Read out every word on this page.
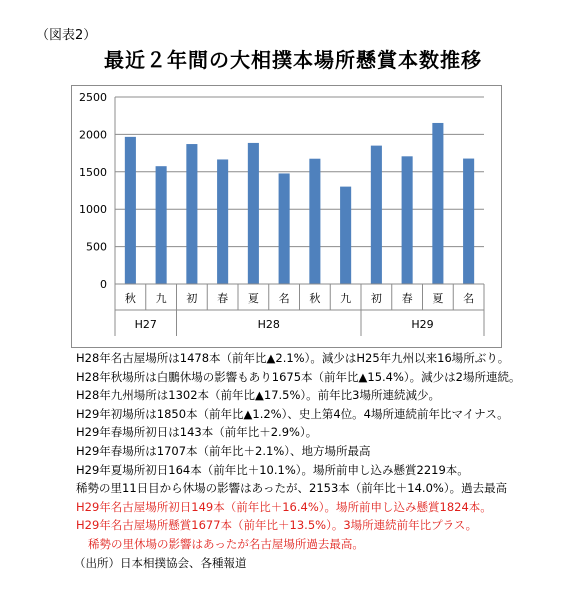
（図表2）
最近２年間の大相撲本場所懸賞本数推移
0
500
1000
1500
2000
2500
秋 九 初 春 夏 名 秋 九 初 春 夏 名
H27	H28	H29
H28年名古屋場所は1478本（前年比▲2.1%）。減少はH25年九州以来16場所ぶり。
H28年秋場所は白鵬休場の影響もあり1675本（前年比▲15.4%）。減少は2場所連続。
H28年九州場所は1302本（前年比▲17.5%）。前年比3場所連続減少。
H29年初場所は1850本（前年比▲1.2%）、史上第4位。4場所連続前年比マイナス。
H29年春場所初日は143本（前年比＋2.9%）。
H29年春場所は1707本（前年比＋2.1%）、地方場所最高
H29年夏場所初日164本（前年比＋10.1%）。場所前申し込み懸賞2219本。
稀勢の里11日目から休場の影響はあったが、2153本（前年比＋14.0%）。過去最高
H29年名古屋場所初日149本（前年比＋16.4%）。場所前申し込み懸賞1824本。
H29年名古屋場所懸賞1677本（前年比＋13.5%）。3場所連続前年比プラス。
稀勢の里休場の影響はあったが名古屋場所過去最高。
（出所）日本相撲協会、各種報道
